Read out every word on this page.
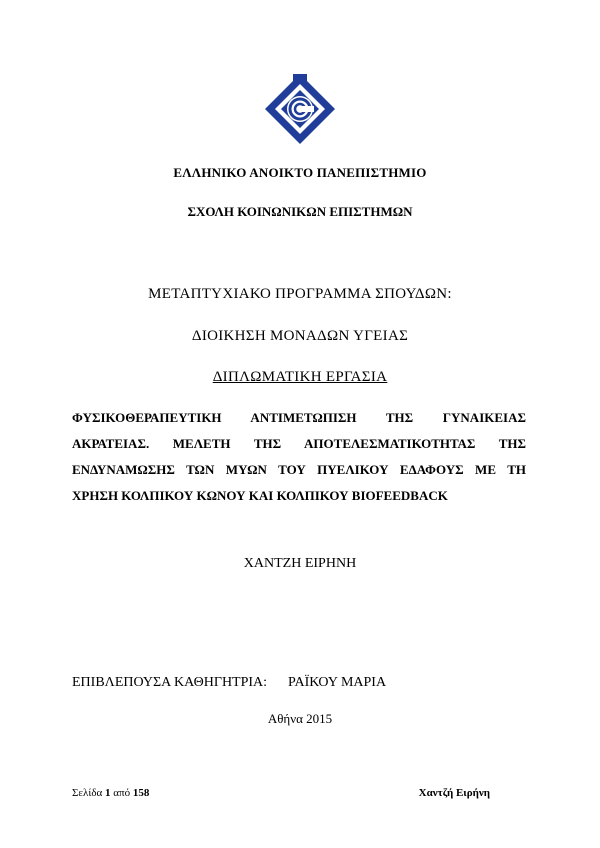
ΕΛΛΗΝΙΚΟ ΑΝΟΙΚΤΟ ΠΑΝΕΠΙΣΤΗΜΙΟ
ΣΧΟΛΗ ΚΟΙΝΩΝΙΚΩΝ ΕΠΙΣΤΗΜΩΝ
ΜΕΤΑΠΤΥΧΙΑΚΟ ΠΡΟΓΡΑΜΜΑ ΣΠΟΥΔΩΝ:
ΔΙΟΙΚΗΣΗ ΜΟΝΑΔΩΝ ΥΓΕΙΑΣ
ΔΙΠΛΩΜΑΤΙΚΗ ΕΡΓΑΣΙΑ
ΦΥΣΙΚΟΘΕΡΑΠΕΥΤΙΚΗ ΑΝΤΙΜΕΤΩΠΙΣΗ ΤΗΣ ΓΥΝΑΙΚΕΙΑΣ
ΑΚΡΑΤΕΙΑΣ. ΜΕΛΕΤΗ ΤΗΣ ΑΠΟΤΕΛΕΣΜΑΤΙΚΟΤΗΤΑΣ ΤΗΣ
ΕΝΔΥΝΑΜΩΣΗΣ ΤΩΝ ΜΥΩΝ ΤΟΥ ΠΥΕΛΙΚΟΥ ΕΔΑΦΟΥΣ ΜΕ ΤΗ
ΧΡΗΣΗ ΚΟΛΠΙΚΟΥ ΚΩΝΟΥ ΚΑΙ ΚΟΛΠΙΚΟΥ BIOFEEDBACK
ΧΑΝΤΖΗ ΕΙΡΗΝΗ
ΕΠΙΒΛΕΠΟΥΣΑ ΚΑΘΗΓΗΤΡΙΑ: ΡΑΪΚΟΥ ΜΑΡΙΑ
Αθήνα 2015
Σελίδα 1 από 158	Χαντζή Ειρήνη
